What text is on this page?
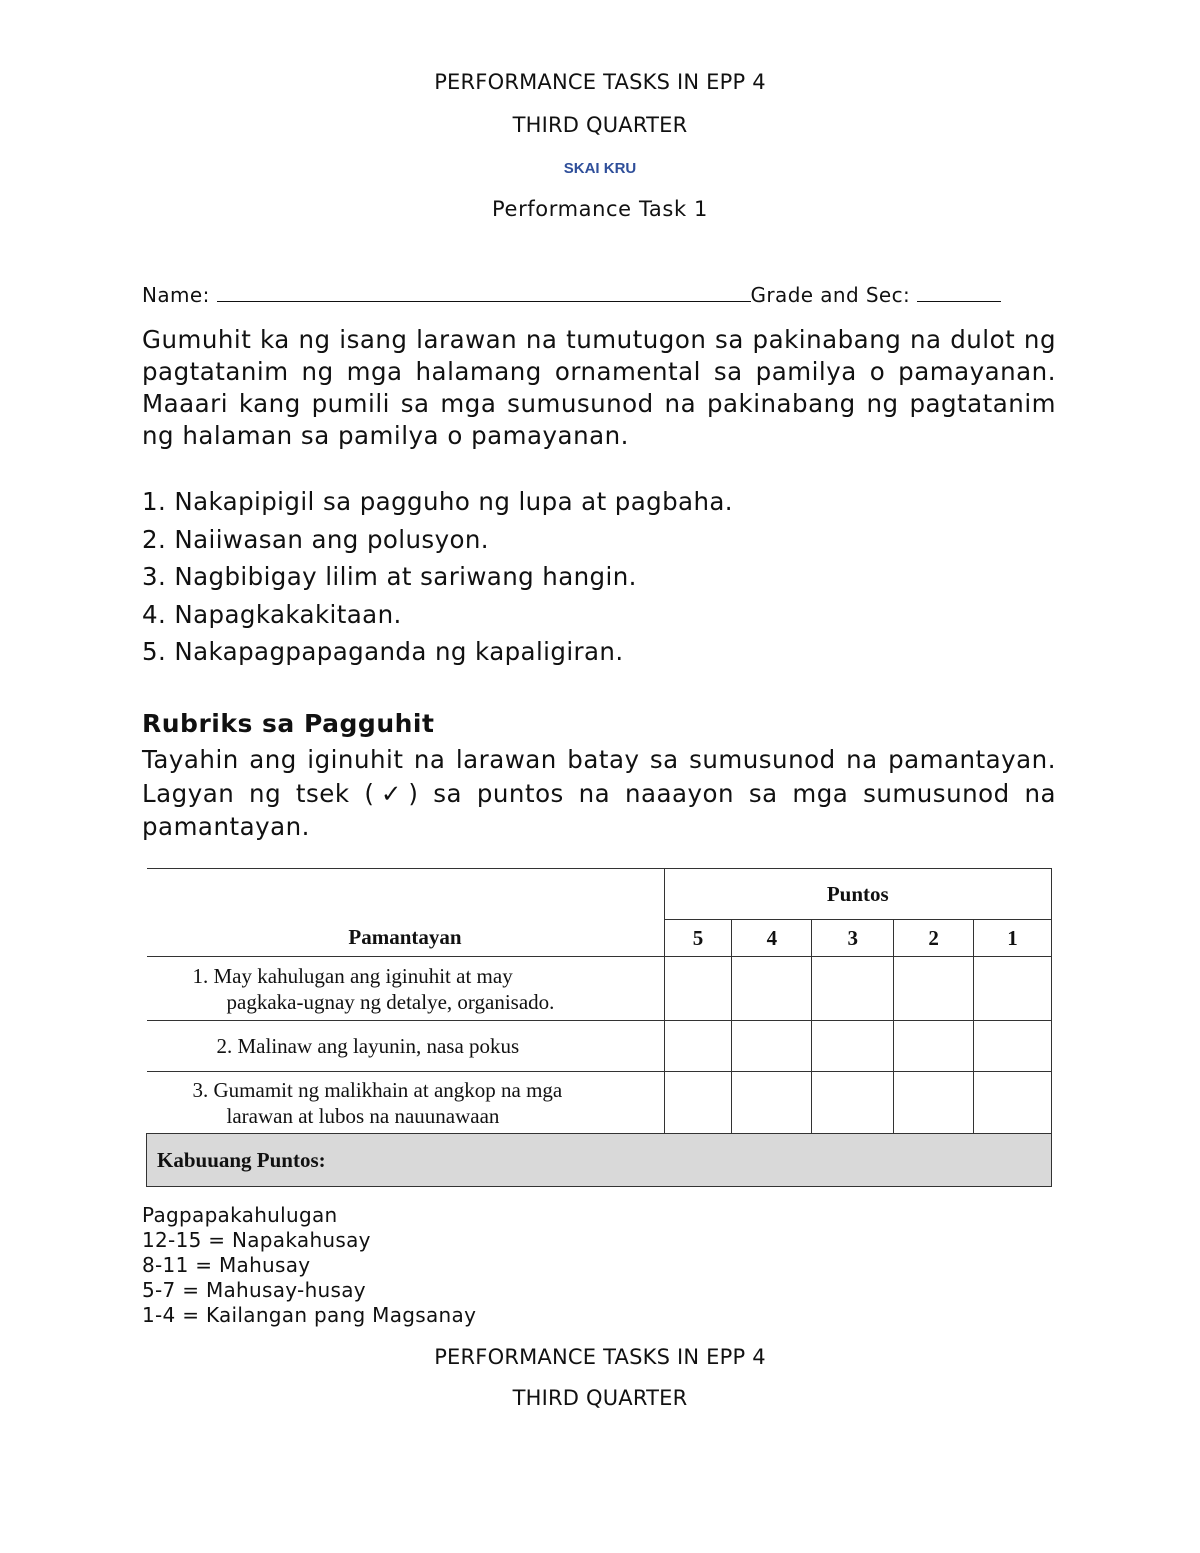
PERFORMANCE TASKS IN EPP 4
THIRD QUARTER
SKAI KRU
Performance Task 1
Name:	Grade and Sec:
Gumuhit ka ng isang larawan na tumutugon sa pakinabang na dulot ng pagtatanim ng mga halamang ornamental sa pamilya o pamayanan. Maaari kang pumili sa mga sumusunod na pakinabang ng pagtatanim ng halaman sa pamilya o pamayanan.
1. Nakapipigil sa pagguho ng lupa at pagbaha.
2. Naiiwasan ang polusyon.
3. Nagbibigay lilim at sariwang hangin.
4. Napagkakakitaan.
5. Nakapagpapaganda ng kapaligiran.
Rubriks sa Pagguhit
Tayahin ang iginuhit na larawan batay sa sumusunod na pamantayan. Lagyan ng tsek (✓) sa puntos na naaayon sa mga sumusunod na pamantayan.
Pamantayan	Puntos				
	5	4	3	2	1

1. May kahulugan ang iginuhit at may
pagkaka-ugnay ng detalye, organisado.					

2. Malinaw ang layunin, nasa pokus					

3. Gumamit ng malikhain at angkop na mga
larawan at lubos na nauunawaan					

Kabuuang Puntos:					
Pagpapakahulugan
12-15 = Napakahusay
8-11 = Mahusay
5-7 = Mahusay-husay
1-4 = Kailangan pang Magsanay
PERFORMANCE TASKS IN EPP 4
THIRD QUARTER
